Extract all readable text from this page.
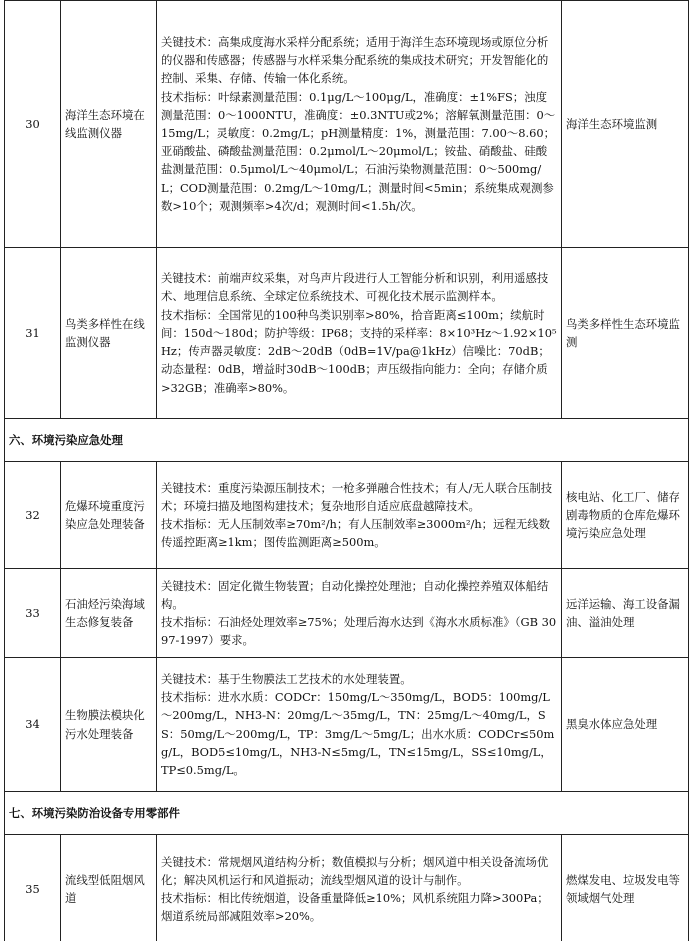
30	海洋生态环境在线监测仪器	关键技术：高集成度海水采样分配系统；适用于海洋生态环境现场或原位分析的仪器和传感器；传感器与水样采集分配系统的集成技术研究；开发智能化的控制、采集、存储、传输一体化系统。
技术指标：叶绿素测量范围：0.1μg/L～100μg/L，准确度：±1%FS；浊度测量范围：0～1000NTU，准确度：±0.3NTU或2%；溶解氧测量范围：0～15mg/L；灵敏度：0.2mg/L；pH测量精度：1%，测量范围：7.00～8.60；亚硝酸盐、磷酸盐测量范围：0.2μmol/L～20μmol/L；铵盐、硝酸盐、硅酸盐测量范围：0.5μmol/L～40μmol/L；石油污染物测量范围：0～500mg/L；COD测量范围：0.2mg/L～10mg/L；测量时间<5min；系统集成观测参数>10个；观测频率>4次/d；观测时间<1.5h/次。	海洋生态环境监测
31	鸟类多样性在线监测仪器	关键技术：前端声纹采集，对鸟声片段进行人工智能分析和识别，利用遥感技术、地理信息系统、全球定位系统技术、可视化技术展示监测样本。
技术指标：全国常见的100种鸟类识别率>80%，拾音距离≤100m；续航时间：150d～180d；防护等级：IP68；支持的采样率：8×10³Hz～1.92×10⁵Hz；传声器灵敏度：2dB～20dB（0dB=1V/pa@1kHz）信噪比：70dB；动态量程：0dB，增益时30dB～100dB；声压级指向能力：全向；存储介质>32GB；准确率>80%。	鸟类多样性生态环境监测
六、环境污染应急处理			
32	危爆环境重度污染应急处理装备	关键技术：重度污染源压制技术；一枪多弹融合性技术；有人/无人联合压制技术；环境扫描及地图构建技术；复杂地形自适应底盘越障技术。
技术指标：无人压制效率≥70m²/h；有人压制效率≥3000m²/h；远程无线数传遥控距离≥1km；图传监测距离≥500m。	核电站、化工厂、储存剧毒物质的仓库危爆环境污染应急处理
33	石油烃污染海域生态修复装备	关键技术：固定化微生物装置；自动化操控处理池；自动化操控养殖双体船结构。
技术指标：石油烃处理效率≥75%；处理后海水达到《海水水质标准》（GB 3097-1997）要求。	远洋运输、海工设备漏油、溢油处理
34	生物膜法模块化污水处理装备	关键技术：基于生物膜法工艺技术的水处理装置。
技术指标：进水水质：CODCr：150mg/L～350mg/L，BOD5：100mg/L～200mg/L，NH3-N：20mg/L～35mg/L，TN：25mg/L～40mg/L，SS：50mg/L～200mg/L，TP：3mg/L～5mg/L；出水水质：CODCr≤50mg/L，BOD5≤10mg/L，NH3-N≤5mg/L，TN≤15mg/L，SS≤10mg/L，TP≤0.5mg/L。	黑臭水体应急处理
七、环境污染防治设备专用零部件			
35	流线型低阻烟风道	关键技术：常规烟风道结构分析；数值模拟与分析；烟风道中相关设备流场优化；解决风机运行和风道振动；流线型烟风道的设计与制作。
技术指标：相比传统烟道，设备重量降低≥10%；风机系统阻力降>300Pa；烟道系统局部减阻效率>20%。	燃煤发电、垃圾发电等领域烟气处理
